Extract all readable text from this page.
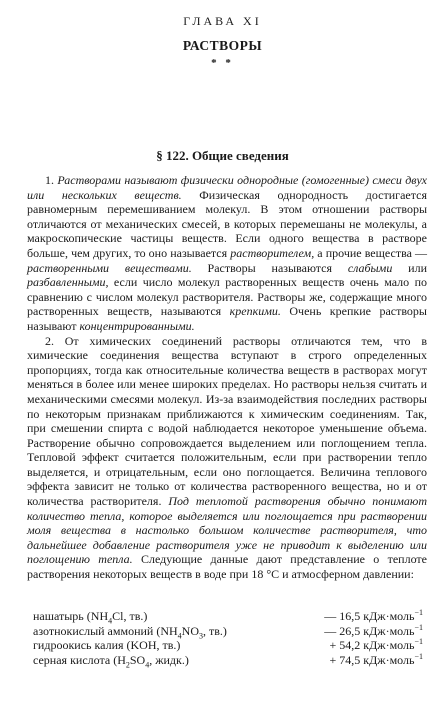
ГЛАВА XI
РАСТВОРЫ
* *
§ 122. Общие сведения

1. Растворами называют физически однородные (гомогенные) смеси двух или нескольких веществ. Физическая однородность достигается равномерным перемешиванием молекул. В этом отношении растворы отличаются от механических смесей, в которых перемешаны не молекулы, а макроскопические частицы веществ. Если одного вещества в растворе больше, чем других, то оно называется растворителем, а прочие вещества — растворенными веществами. Растворы называются слабыми или разбавленными, если число молекул растворенных веществ очень мало по сравнению с числом молекул растворителя. Растворы же, содержащие много растворенных веществ, называются крепкими. Очень крепкие растворы называют концентрированными.

2. От химических соединений растворы отличаются тем, что в химические соединения вещества вступают в строго определенных пропорциях, тогда как относительные количества веществ в растворах могут меняться в более или менее широких пределах. Но растворы нельзя считать и механическими смесями молекул. Из-за взаимодействия последних растворы по некоторым признакам приближаются к химическим соединениям. Так, при смешении спирта с водой наблюдается некоторое уменьшение объема. Растворение обычно сопровождается выделением или поглощением тепла. Тепловой эффект считается положительным, если при растворении тепло выделяется, и отрицательным, если оно поглощается. Величина теплового эффекта зависит не только от количества растворенного вещества, но и от количества растворителя. Под теплотой растворения обычно понимают количество тепла, которое выделяется или поглощается при растворении моля вещества в настолько большом количестве растворителя, что дальнейшее добавление растворителя уже не приводит к выделению или поглощению тепла. Следующие данные дают представление о теплоте растворения некоторых веществ в воде при 18 °С и атмосферном давлении:

нашатырь ($NH_4Cl$, тв.)	— 16,5 кДж·моль$^{-1}$
азотнокислый аммоний ($NH_4NO_3$, тв.)	— 26,5 кДж·моль$^{-1}$
гидроокись калия (KOH, тв.)	+ 54,2 кДж·моль$^{-1}$
серная кислота ($H_2SO_4$, жидк.)	+ 74,5 кДж·моль$^{-1}$
